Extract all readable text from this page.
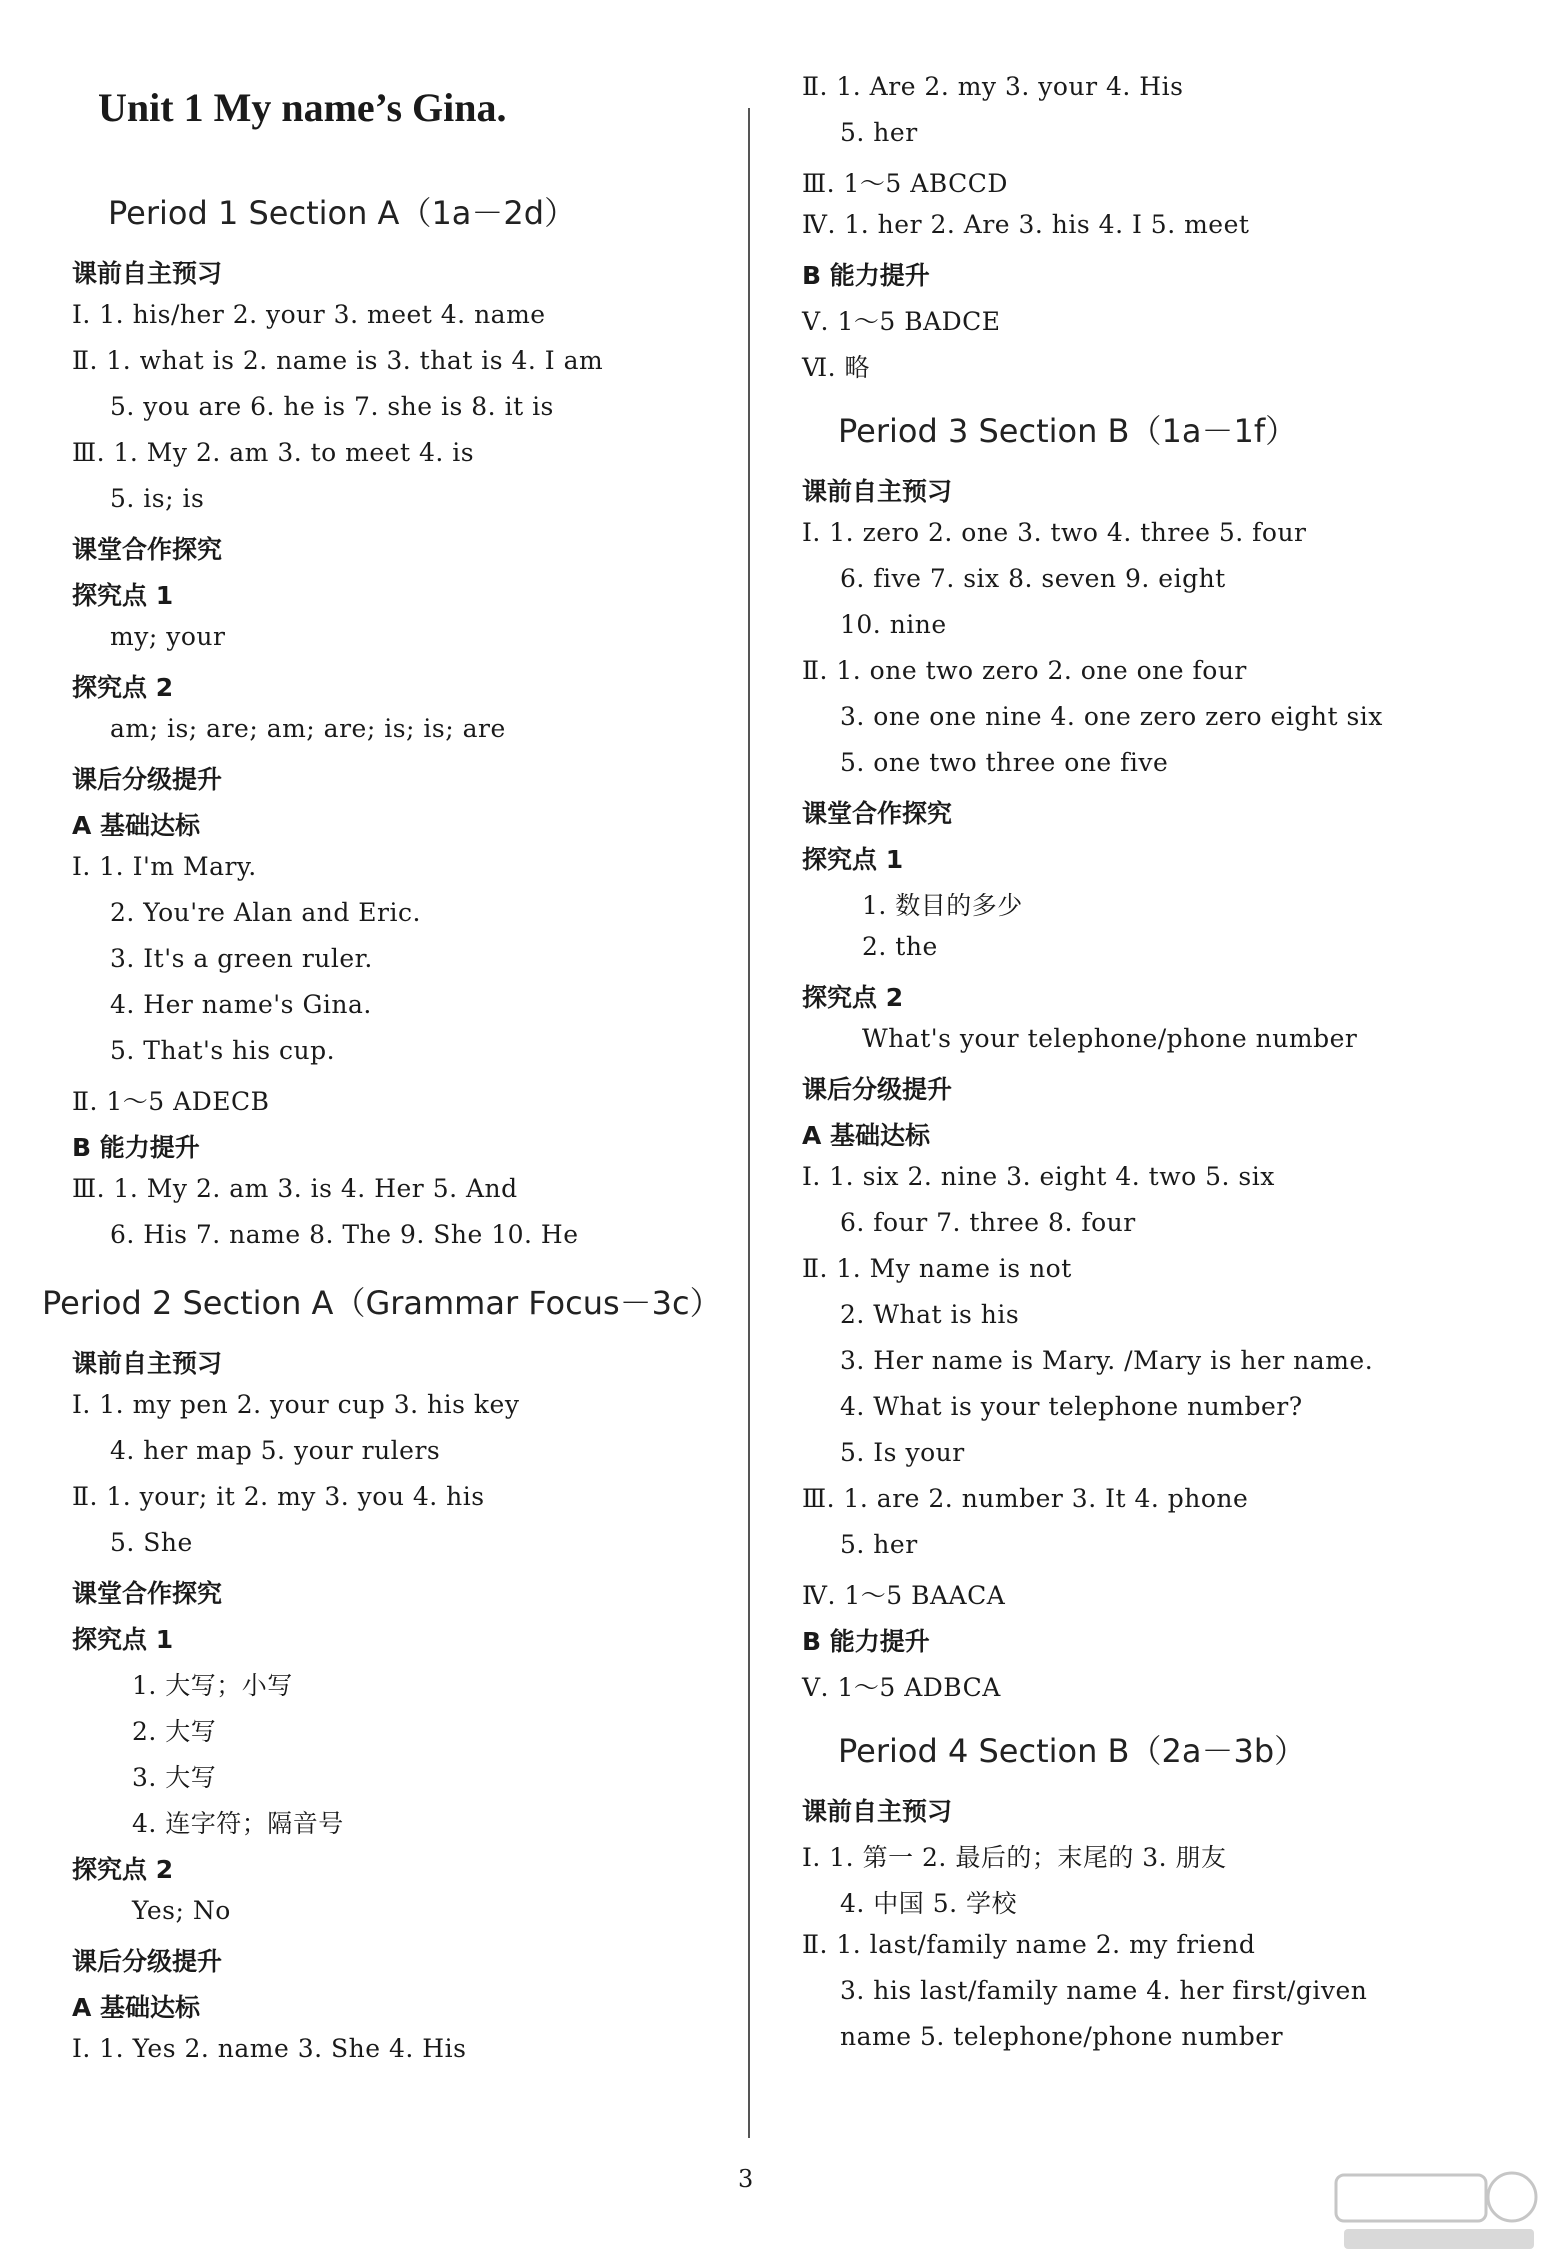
Unit 1 My name’s Gina.
Period 1 Section A（1a－2d）
课前自主预习
Ⅰ. 1. his/her 2. your 3. meet 4. name
Ⅱ. 1. what is 2. name is 3. that is 4. I am
5. you are 6. he is 7. she is 8. it is
Ⅲ. 1. My 2. am 3. to meet 4. is
5. is; is
课堂合作探究
探究点 1
my; your
探究点 2
am; is; are; am; are; is; is; are
课后分级提升
A 基础达标
Ⅰ. 1. I'm Mary.
2. You're Alan and Eric.
3. It's a green ruler.
4. Her name's Gina.
5. That's his cup.
Ⅱ. 1～5 ADECB
B 能力提升
Ⅲ. 1. My 2. am 3. is 4. Her 5. And
6. His 7. name 8. The 9. She 10. He
Period 2 Section A（Grammar Focus－3c）
课前自主预习
Ⅰ. 1. my pen 2. your cup 3. his key
4. her map 5. your rulers
Ⅱ. 1. your; it 2. my 3. you 4. his
5. She
课堂合作探究
探究点 1
1. 大写；小写
2. 大写
3. 大写
4. 连字符；隔音号
探究点 2
Yes; No
课后分级提升
A 基础达标
Ⅰ. 1. Yes 2. name 3. She 4. His
Ⅱ. 1. Are 2. my 3. your 4. His
5. her
Ⅲ. 1～5 ABCCD
Ⅳ. 1. her 2. Are 3. his 4. I 5. meet
B 能力提升
Ⅴ. 1～5 BADCE
Ⅵ. 略
Period 3 Section B（1a－1f）
课前自主预习
Ⅰ. 1. zero 2. one 3. two 4. three 5. four
6. five 7. six 8. seven 9. eight
10. nine
Ⅱ. 1. one two zero 2. one one four
3. one one nine 4. one zero zero eight six
5. one two three one five
课堂合作探究
探究点 1
1. 数目的多少
2. the
探究点 2
What's your telephone/phone number
课后分级提升
A 基础达标
Ⅰ. 1. six 2. nine 3. eight 4. two 5. six
6. four 7. three 8. four
Ⅱ. 1. My name is not
2. What is his
3. Her name is Mary. /Mary is her name.
4. What is your telephone number?
5. Is your
Ⅲ. 1. are 2. number 3. It 4. phone
5. her
Ⅳ. 1～5 BAACA
B 能力提升
Ⅴ. 1～5 ADBCA
Period 4 Section B（2a－3b）
课前自主预习
Ⅰ. 1. 第一 2. 最后的；末尾的 3. 朋友
4. 中国 5. 学校
Ⅱ. 1. last/family name 2. my friend
3. his last/family name 4. her first/given
name 5. telephone/phone number
3
